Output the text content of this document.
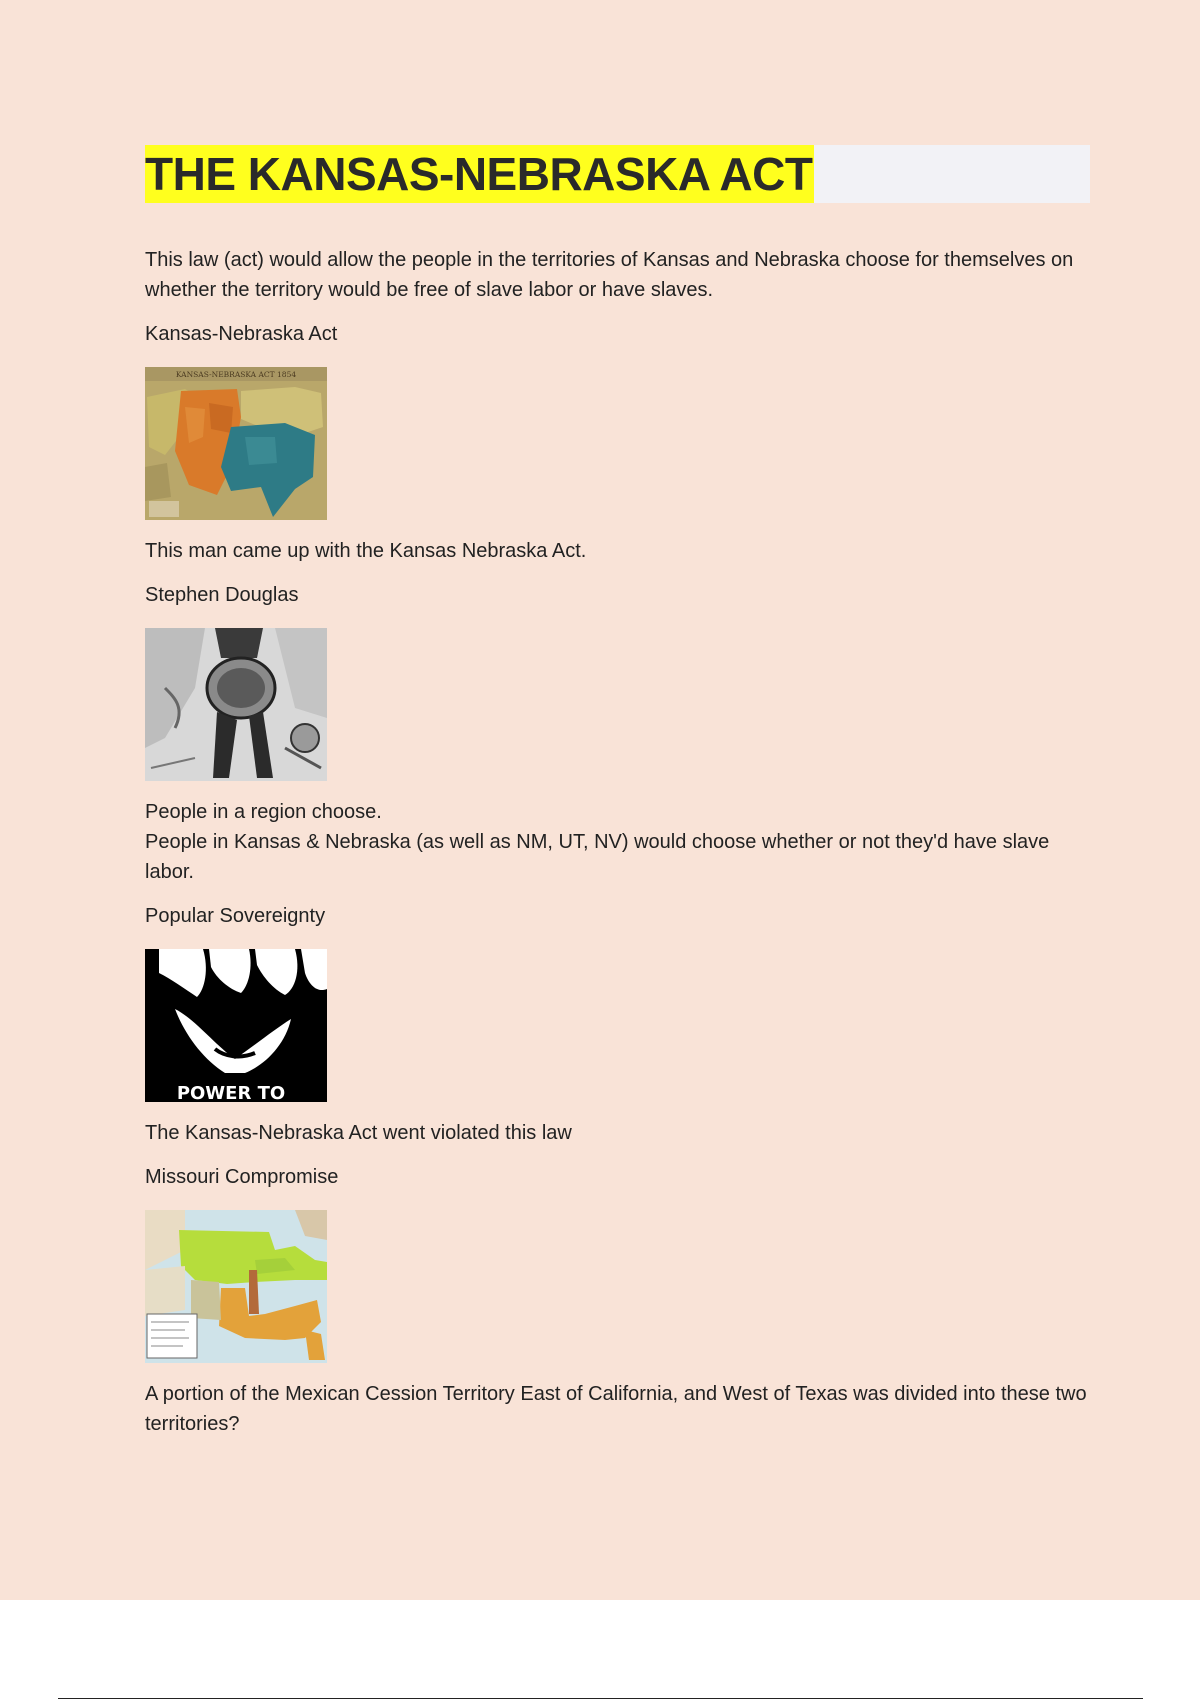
THE KANSAS-NEBRASKA ACT

This law (act) would allow the people in the territories of Kansas and Nebraska choose for themselves on whether the territory would be free of slave labor or have slaves.

Kansas-Nebraska Act

KANSAS-NEBRASKA ACT 1854

This man came up with the Kansas Nebraska Act.

Stephen Douglas

People in a region choose.

People in Kansas & Nebraska (as well as NM, UT, NV) would choose whether or not they'd have slave labor.

Popular Sovereignty

POWER TO

The Kansas-Nebraska Act went violated this law

Missouri Compromise

A portion of the Mexican Cession Territory East of California, and West of Texas was divided into these two territories?
